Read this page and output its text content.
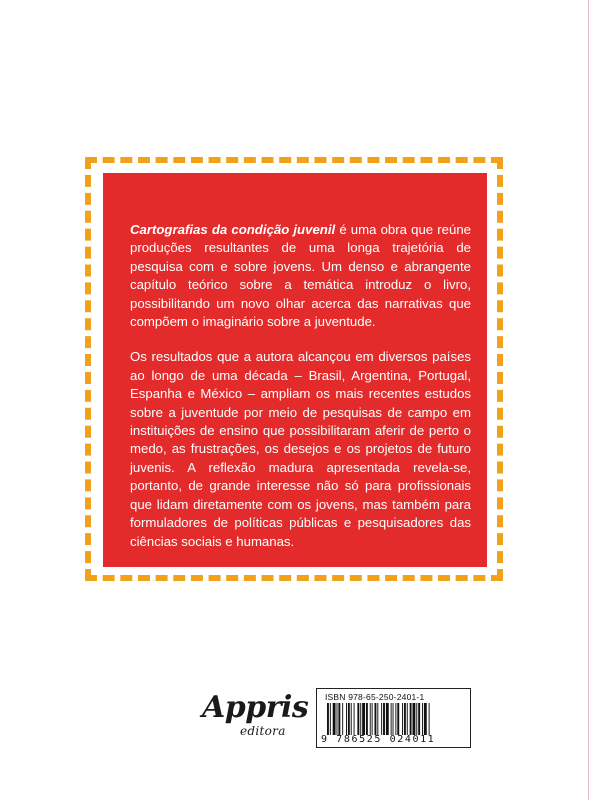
Cartografias da condição juvenil é uma obra que reúne produções resultantes de uma longa trajetória de pesquisa com e sobre jovens. Um denso e abrangente capítulo teórico sobre a temática introduz o livro, possibilitando um novo olhar acerca das narrativas que compõem o imaginário sobre a juventude.

Os resultados que a autora alcançou em diversos países ao longo de uma década – Brasil, Argentina, Portugal, Espanha e México – ampliam os mais recentes estudos sobre a juventude por meio de pesquisas de campo em instituições de ensino que possibilitaram aferir de perto o medo, as frustrações, os desejos e os projetos de futuro juvenis. A reflexão madura apresentada revela-se, portanto, de grande interesse não só para profissionais que lidam diretamente com os jovens, mas também para formuladores de políticas públicas e pesquisadores das ciências sociais e humanas.

Appris
editora
ISBN 978-65-250-2401-1
9 786525 024011
